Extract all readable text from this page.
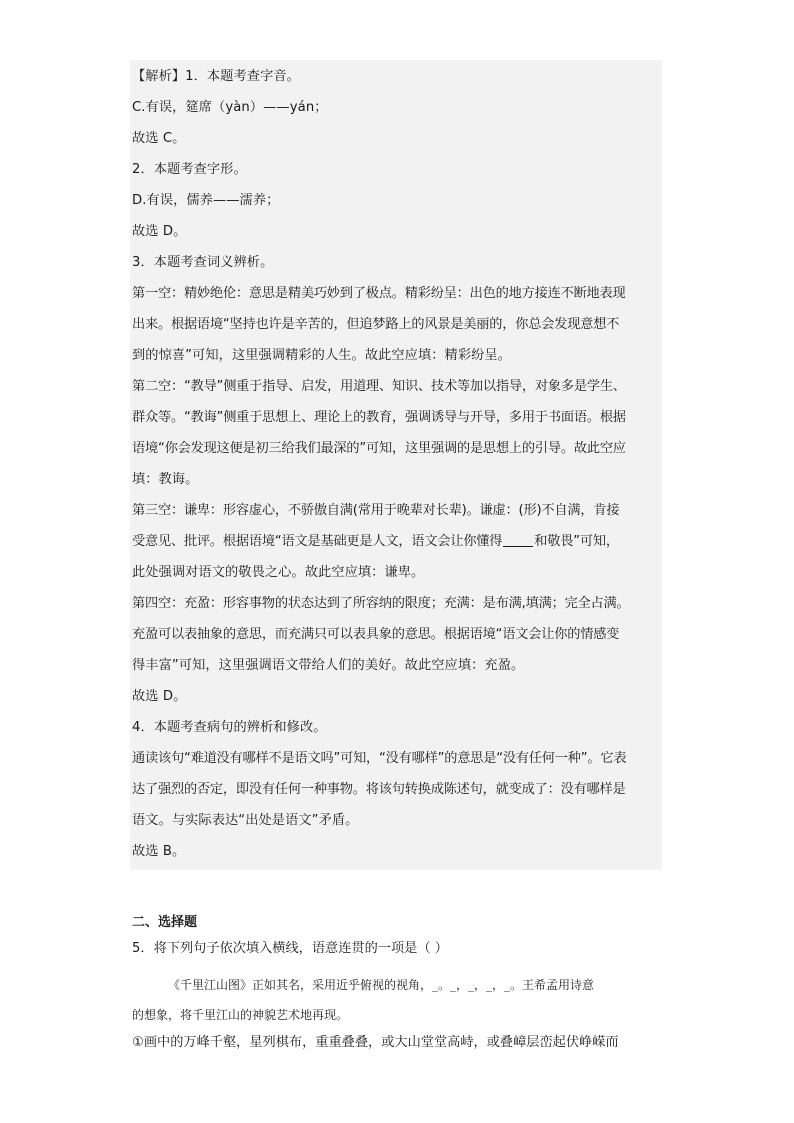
【解析】1．本题考查字音。
C.有误，筵席（yàn）——yán；
故选 C。
2．本题考查字形。
D.有误，儒养——濡养；
故选 D。
3．本题考查词义辨析。
第一空：精妙绝伦：意思是精美巧妙到了极点。精彩纷呈：出色的地方接连不断地表现
出来。根据语境“坚持也许是辛苦的，但追梦路上的风景是美丽的，你总会发现意想不
到的惊喜”可知，这里强调精彩的人生。故此空应填：精彩纷呈。
第二空：“教导”侧重于指导、启发，用道理、知识、技术等加以指导，对象多是学生、
群众等。“教诲”侧重于思想上、理论上的教育，强调诱导与开导，多用于书面语。根据
语境“你会发现这便是初三给我们最深的”可知，这里强调的是思想上的引导。故此空应
填：教诲。
第三空：谦卑：形容虚心，不骄傲自满(常用于晚辈对长辈)。谦虚：(形)不自满，肯接
受意见、批评。根据语境“语文是基础更是人文，语文会让你懂得 和敬畏”可知，
此处强调对语文的敬畏之心。故此空应填：谦卑。
第四空：充盈：形容事物的状态达到了所容纳的限度；充满：是布满,填满；完全占满。
充盈可以表抽象的意思，而充满只可以表具象的意思。根据语境“语文会让你的情感变
得丰富”可知，这里强调语文带给人们的美好。故此空应填：充盈。
故选 D。
4．本题考查病句的辨析和修改。
通读该句“难道没有哪样不是语文吗”可知，“没有哪样”的意思是“没有任何一种”。它表
达了强烈的否定，即没有任何一种事物。将该句转换成陈述句，就变成了：没有哪样是
语文。与实际表达“出处是语文”矛盾。
故选 B。
二、选择题
5．将下列句子依次填入横线，语意连贯的一项是（ ）
《千里江山图》正如其名，采用近乎俯视的视角，_。_，_，_，_。王希孟用诗意
的想象，将千里江山的神貌艺术地再现。
①画中的万峰千壑，星列棋布，重重叠叠，或大山堂堂高峙，或叠嶂层峦起伏峥嵘而
